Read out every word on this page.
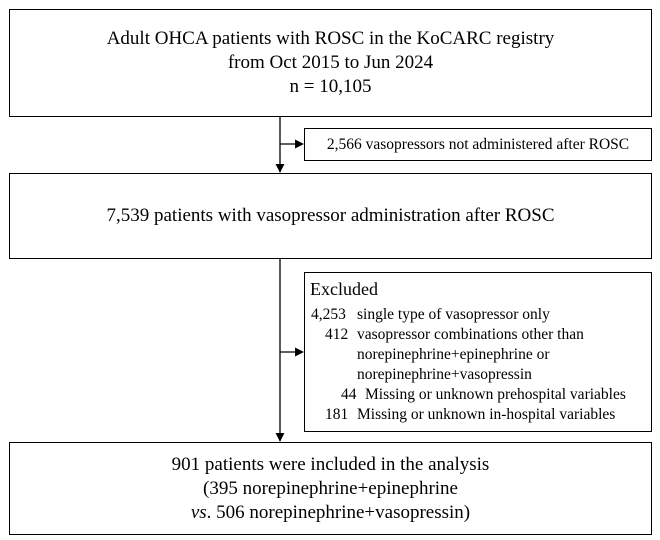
Adult OHCA patients with ROSC in the KoCARC registry
from Oct 2015 to Jun 2024
n = 10,105
2,566 vasopressors not administered after ROSC
7,539 patients with vasopressor administration after ROSC
Excluded
4,253 single type of vasopressor only
412 vasopressor combinations other than
norepinephrine+epinephrine or
norepinephrine+vasopressin
44 Missing or unknown prehospital variables
181 Missing or unknown in-hospital variables
901 patients were included in the analysis
(395 norepinephrine+epinephrine
vs. 506 norepinephrine+vasopressin)
